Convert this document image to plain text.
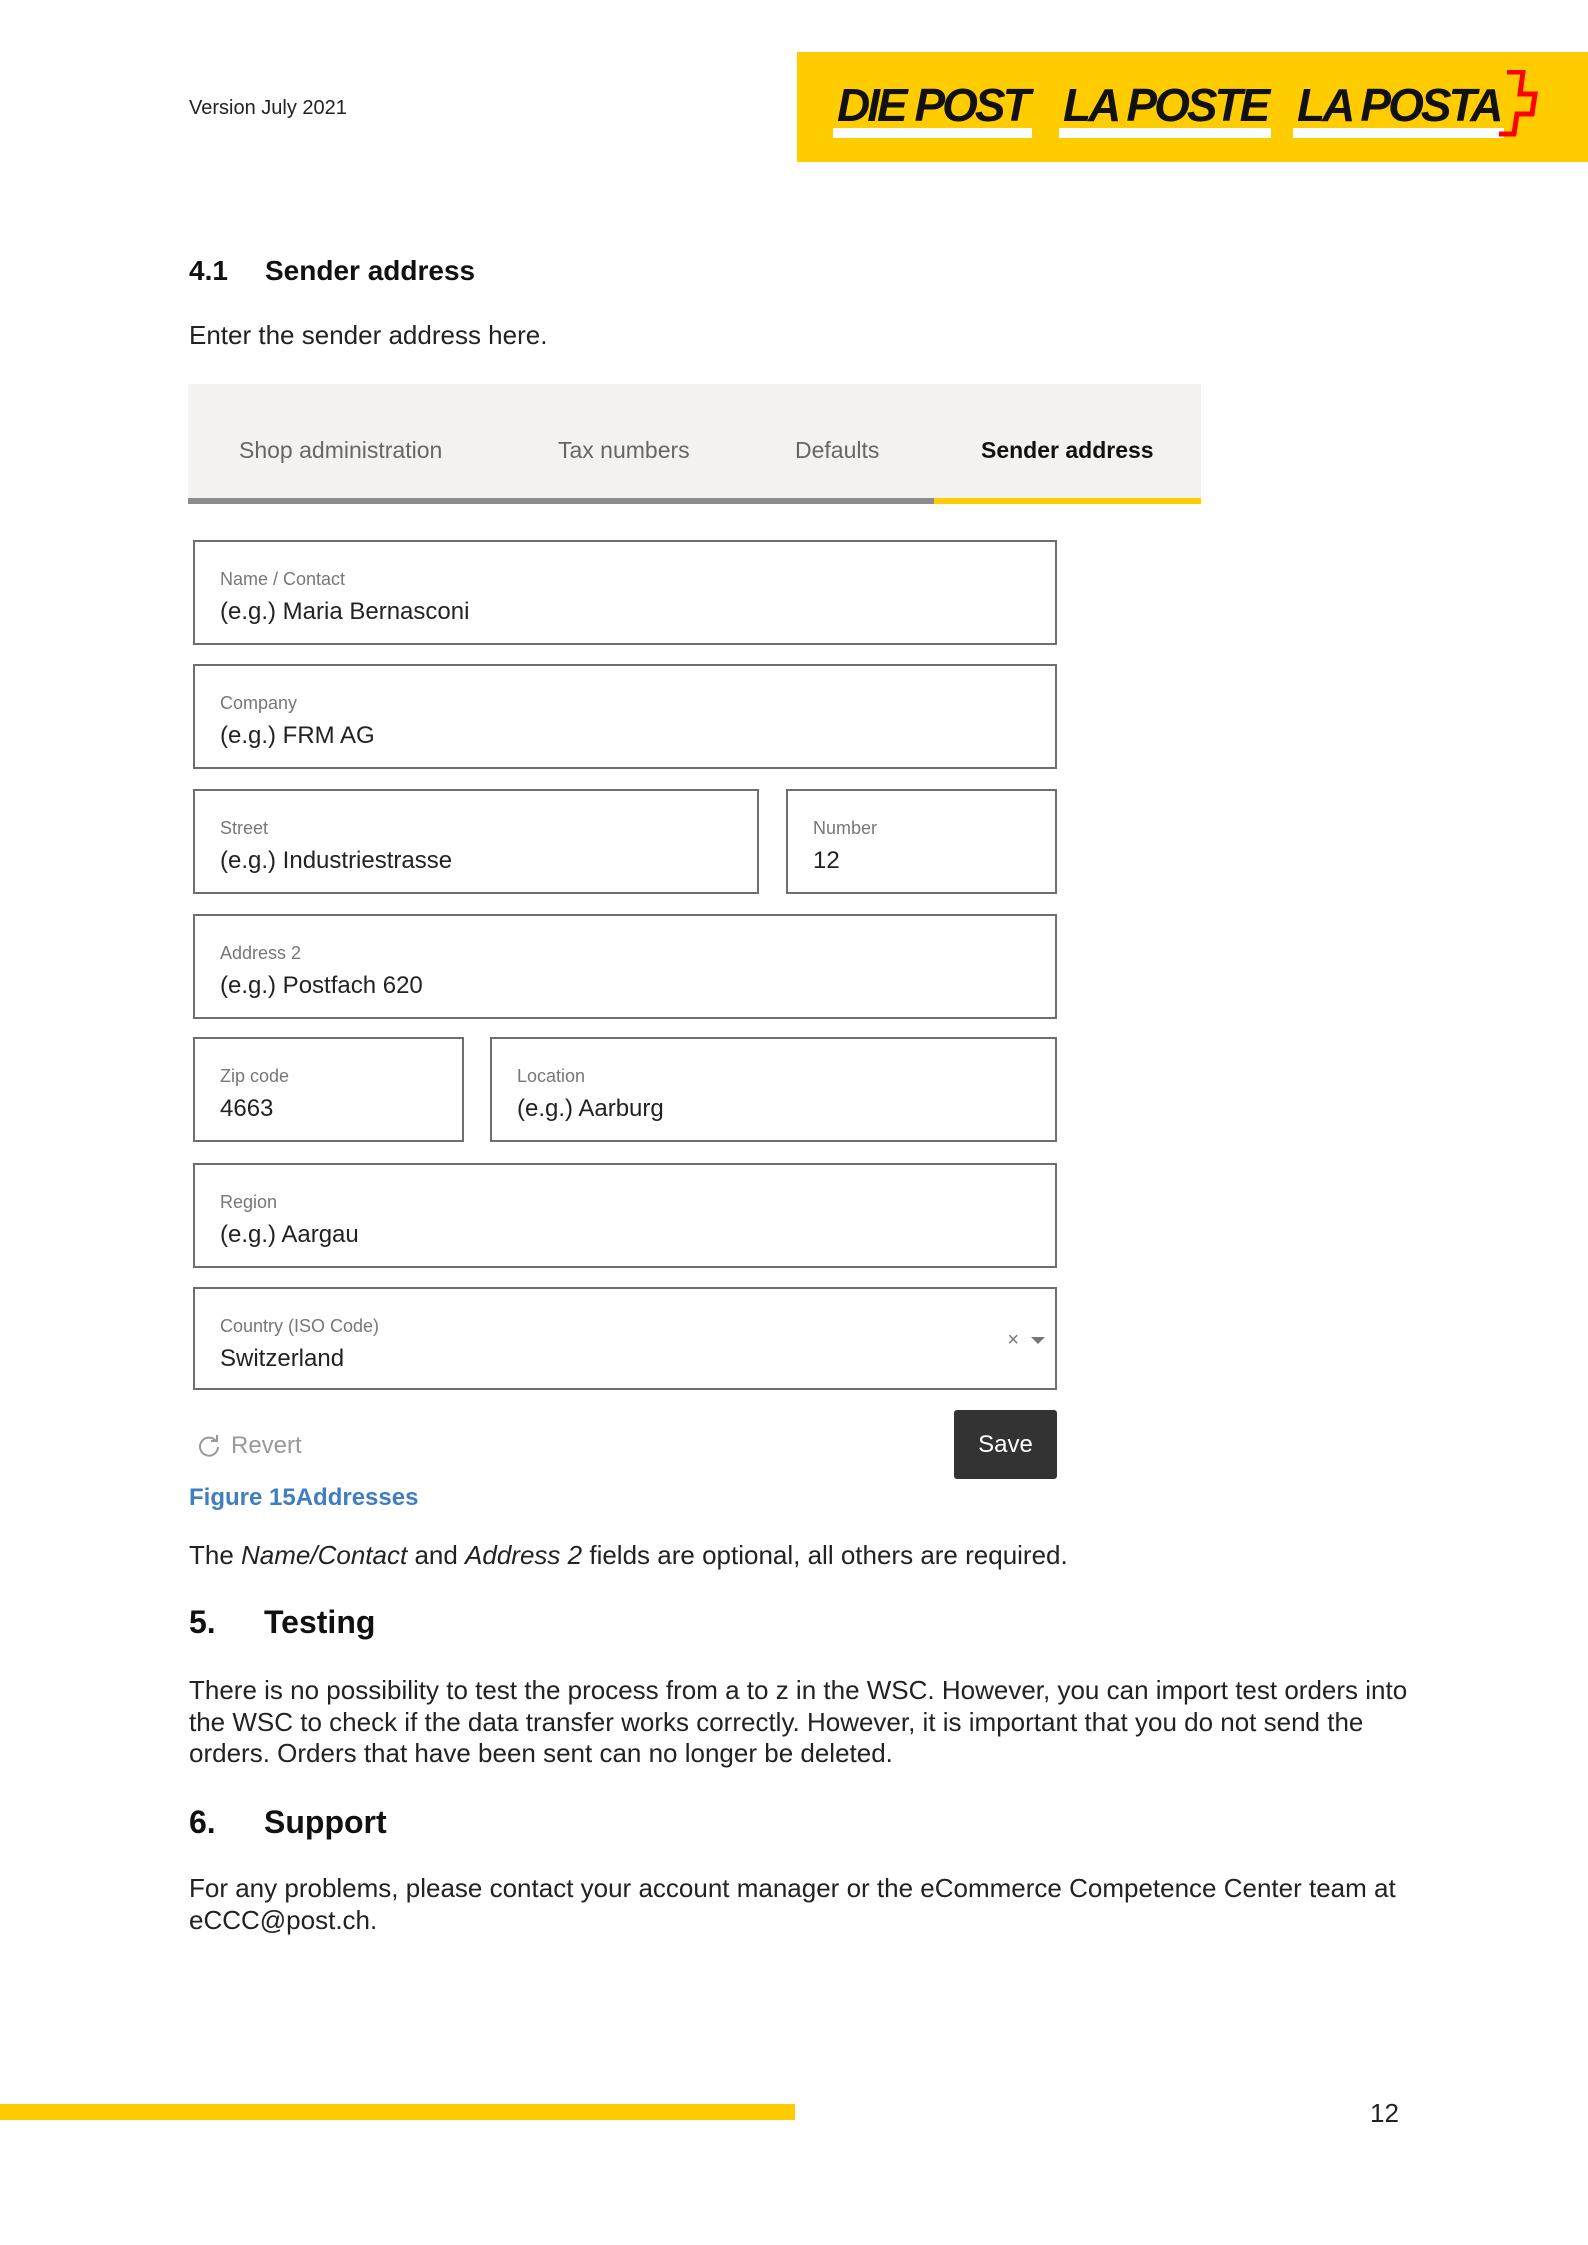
Version July 2021	DIE POST LA POSTE LA POSTA
4.1 Sender address
Enter the sender address here.
Shop administration	Tax numbers	Defaults	Sender address
Name / Contact
(e.g.) Maria Bernasconi
Company
(e.g.) FRM AG
Street
(e.g.) Industriestrasse
Number
12
Address 2
(e.g.) Postfach 620
Zip code
4663
Location
(e.g.) Aarburg
Region
(e.g.) Aargau
Country (ISO Code)
Switzerland
×
Revert	Save
Figure 15Addresses
The Name/Contact and Address 2 fields are optional, all others are required.
5. Testing
There is no possibility to test the process from a to z in the WSC. However, you can import test orders into the WSC to check if the data transfer works correctly. However, it is important that you do not send the orders. Orders that have been sent can no longer be deleted.
6. Support
For any problems, please contact your account manager or the eCommerce Competence Center team at eCCC@post.ch.
12
